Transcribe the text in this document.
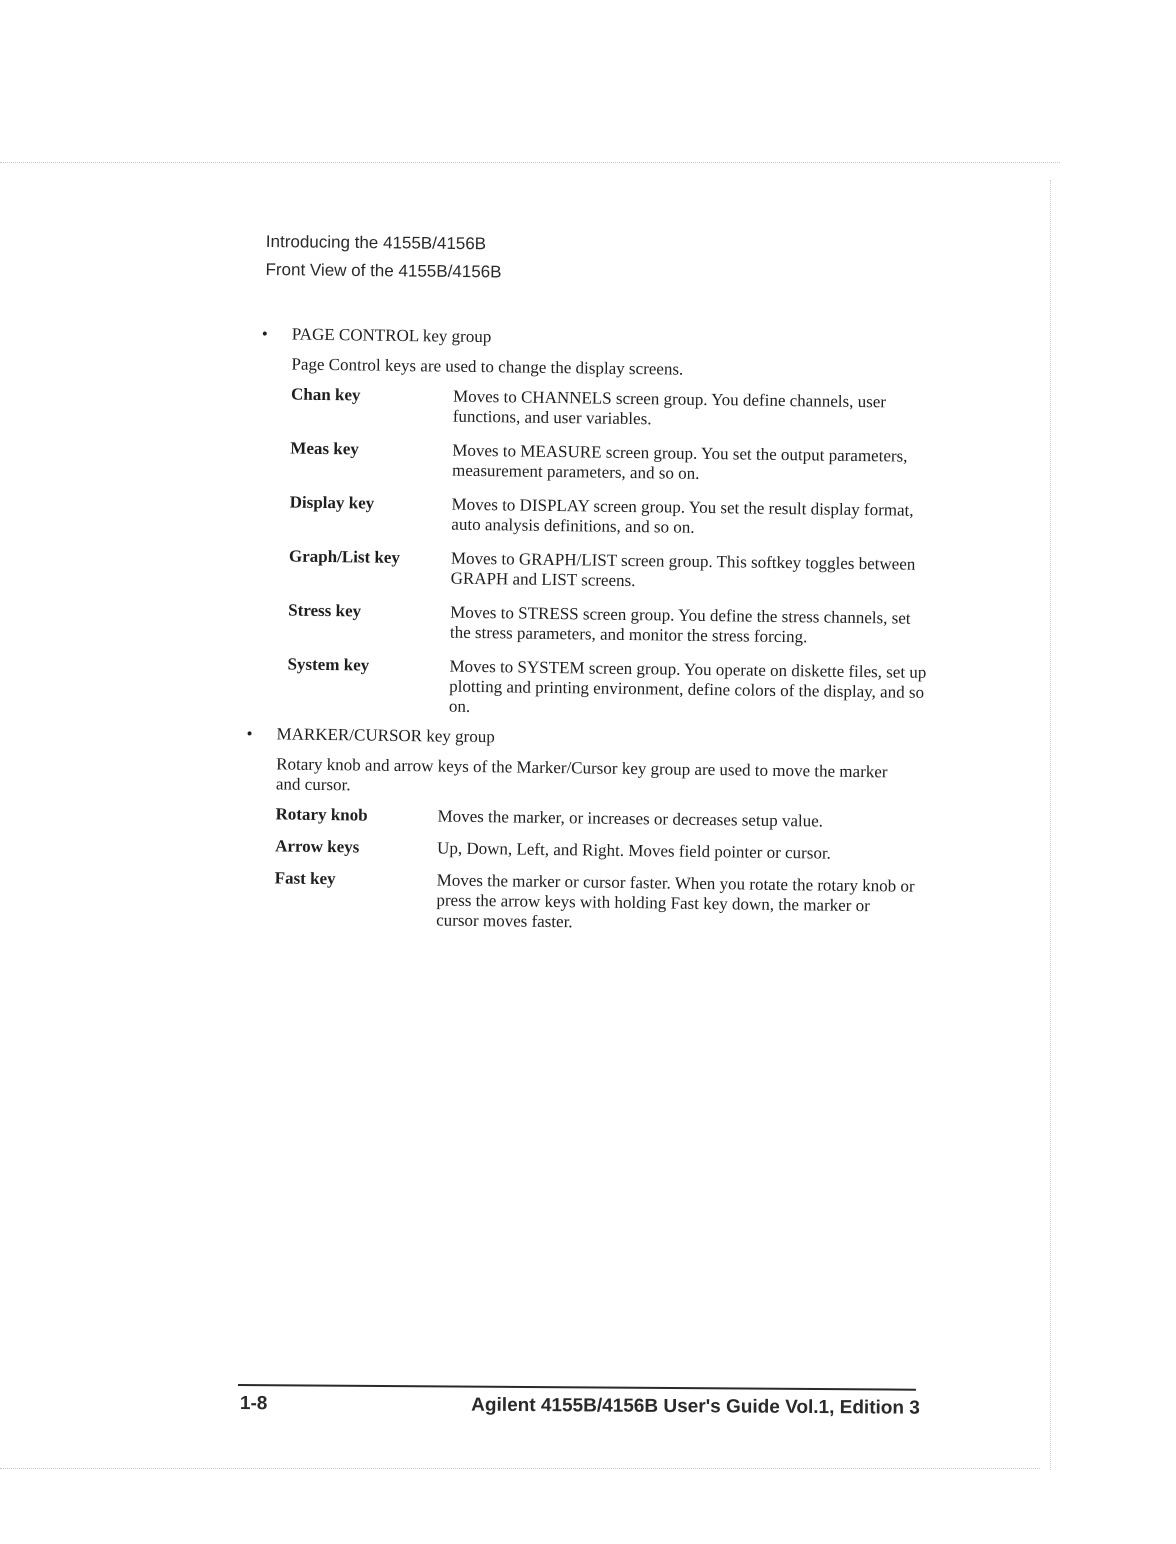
Introducing the 4155B/4156B
Front View of the 4155B/4156B
• PAGE CONTROL key group
Page Control keys are used to change the display screens.
Chan key	Moves to CHANNELS screen group. You define channels, user functions, and user variables.
Meas key	Moves to MEASURE screen group. You set the output parameters, measurement parameters, and so on.
Display key	Moves to DISPLAY screen group. You set the result display format, auto analysis definitions, and so on.
Graph/List key	Moves to GRAPH/LIST screen group. This softkey toggles between GRAPH and LIST screens.
Stress key	Moves to STRESS screen group. You define the stress channels, set the stress parameters, and monitor the stress forcing.
System key	Moves to SYSTEM screen group. You operate on diskette files, set up plotting and printing environment, define colors of the display, and so on.
• MARKER/CURSOR key group
Rotary knob and arrow keys of the Marker/Cursor key group are used to move the marker and cursor.
Rotary knob	Moves the marker, or increases or decreases setup value.
Arrow keys	Up, Down, Left, and Right. Moves field pointer or cursor.
Fast key	Moves the marker or cursor faster. When you rotate the rotary knob or press the arrow keys with holding Fast key down, the marker or cursor moves faster.
1-8	Agilent 4155B/4156B User's Guide Vol.1, Edition 3
